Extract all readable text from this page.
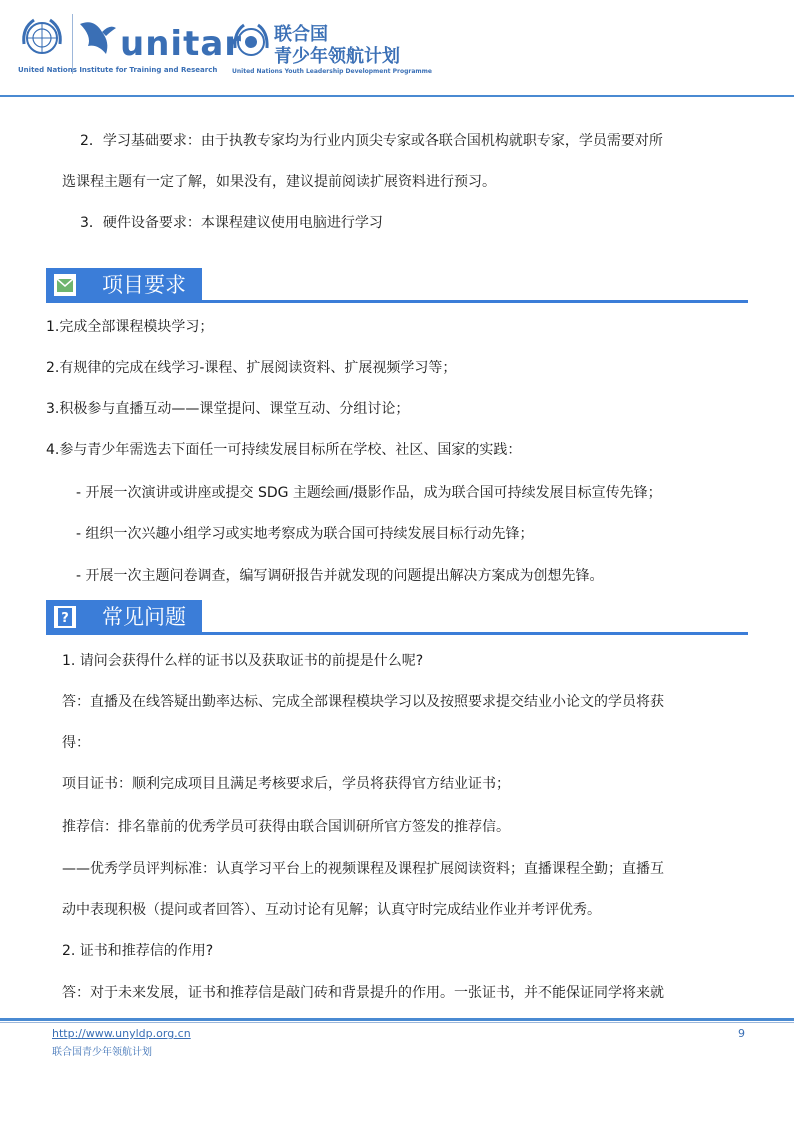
United Nations Institute for Training and Research
unitar 联合国
青少年领航计划
United Nations Youth Leadership Development Programme
2．学习基础要求：由于执教专家均为行业内顶尖专家或各联合国机构就职专家，学员需要对所
选课程主题有一定了解，如果没有，建议提前阅读扩展资料进行预习。
3．硬件设备要求：本课程建议使用电脑进行学习
项目要求
1.完成全部课程模块学习；
2.有规律的完成在线学习-课程、扩展阅读资料、扩展视频学习等；
3.积极参与直播互动——课堂提问、课堂互动、分组讨论；
4.参与青少年需选去下面任一可持续发展目标所在学校、社区、国家的实践：
- 开展一次演讲或讲座或提交 SDG 主题绘画/摄影作品，成为联合国可持续发展目标宣传先锋；
- 组织一次兴趣小组学习或实地考察成为联合国可持续发展目标行动先锋；
- 开展一次主题问卷调查，编写调研报告并就发现的问题提出解决方案成为创想先锋。
? 常见问题
1. 请问会获得什么样的证书以及获取证书的前提是什么呢?
答：直播及在线答疑出勤率达标、完成全部课程模块学习以及按照要求提交结业小论文的学员将获
得：
项目证书：顺利完成项目且满足考核要求后，学员将获得官方结业证书；
推荐信：排名靠前的优秀学员可获得由联合国训研所官方签发的推荐信。
——优秀学员评判标准：认真学习平台上的视频课程及课程扩展阅读资料；直播课程全勤；直播互
动中表现积极（提问或者回答）、互动讨论有见解；认真守时完成结业作业并考评优秀。
2. 证书和推荐信的作用?
答：对于未来发展，证书和推荐信是敲门砖和背景提升的作用。一张证书，并不能保证同学将来就
http://www.unyldp.org.cn
联合国青少年领航计划
9
